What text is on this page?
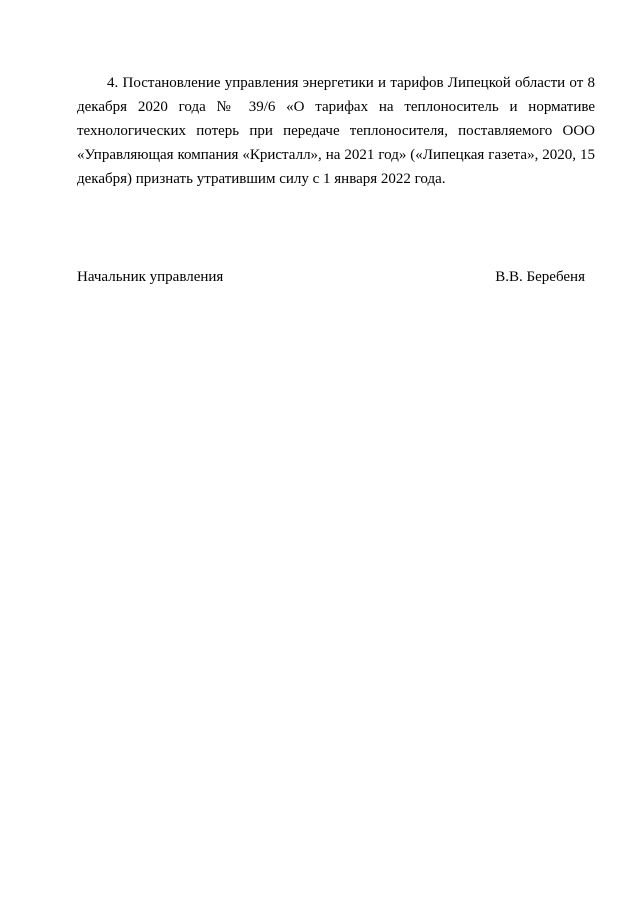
4. Постановление управления энергетики и тарифов Липецкой области от 8 декабря 2020 года № 39/6 «О тарифах на теплоноситель и нормативе технологических потерь при передаче теплоносителя, поставляемого ООО «Управляющая компания «Кристалл», на 2021 год» («Липецкая газета», 2020, 15 декабря) признать утратившим силу с 1 января 2022 года.

Начальник управления	В.В. Беребеня
